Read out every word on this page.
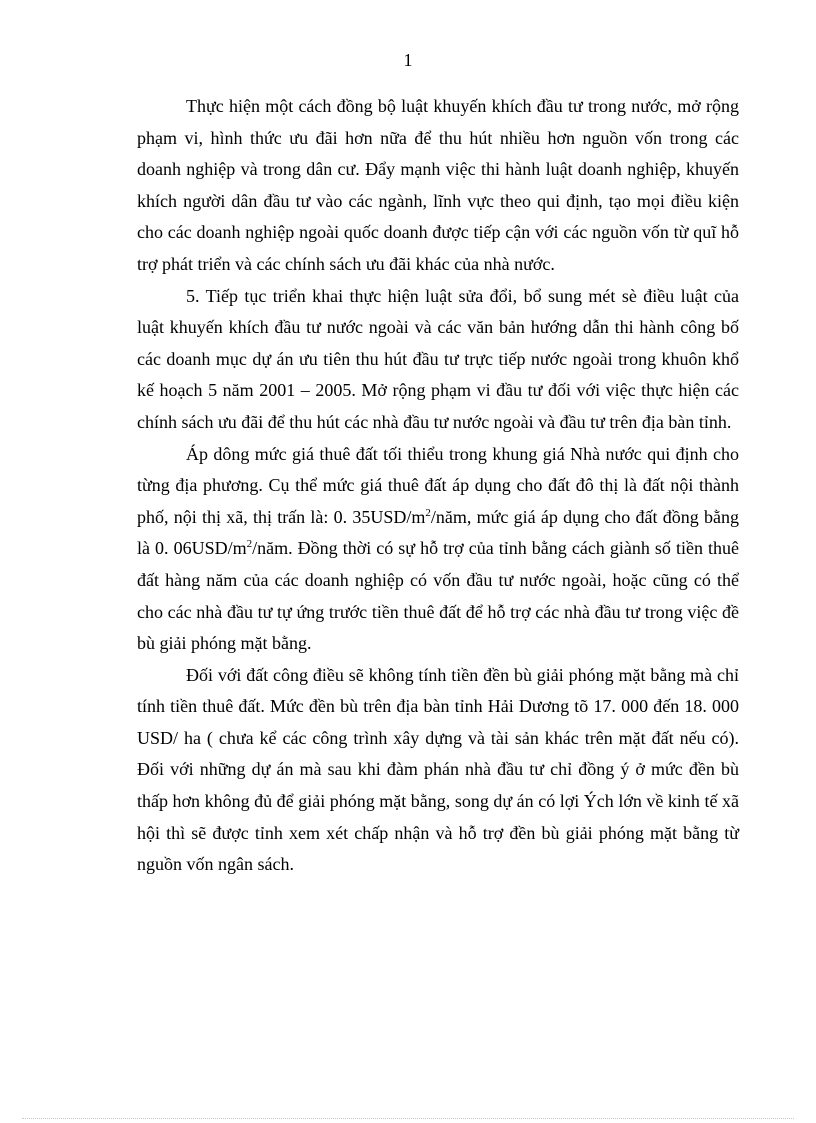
1

Thực hiện một cách đồng bộ luật khuyến khích đầu tư trong nước, mở rộng phạm vi, hình thức ưu đãi hơn nữa để thu hút nhiều hơn nguồn vốn trong các doanh nghiệp và trong dân cư. Đẩy mạnh việc thi hành luật doanh nghiệp, khuyến khích người dân đầu tư vào các ngành, lĩnh vực theo qui định, tạo mọi điều kiện cho các doanh nghiệp ngoài quốc doanh được tiếp cận với các nguồn vốn từ quĩ hỗ trợ phát triển và các chính sách ưu đãi khác của nhà nước.

5. Tiếp tục triển khai thực hiện luật sửa đổi, bổ sung mét sè điều luật của luật khuyến khích đầu tư nước ngoài và các văn bản hướng dẫn thi hành công bố các doanh mục dự án ưu tiên thu hút đầu tư trực tiếp nước ngoài trong khuôn khổ kế hoạch 5 năm 2001 – 2005. Mở rộng phạm vi đầu tư đối với việc thực hiện các chính sách ưu đãi để thu hút các nhà đầu tư nước ngoài và đầu tư trên địa bàn tỉnh.

Áp dông mức giá thuê đất tối thiểu trong khung giá Nhà nước qui định cho từng địa phương. Cụ thể mức giá thuê đất áp dụng cho đất đô thị là đất nội thành phố, nội thị xã, thị trấn là: 0. $35USD/m^2$/năm, mức giá áp dụng cho đất đồng bằng là 0. $06USD/m^2$/năm. Đồng thời có sự hỗ trợ của tỉnh bằng cách giành số tiền thuê đất hàng năm của các doanh nghiệp có vốn đầu tư nước ngoài, hoặc cũng có thể cho các nhà đầu tư tự ứng trước tiền thuê đất để hỗ trợ các nhà đầu tư trong việc đề bù giải phóng mặt bằng.

Đối với đất công điều sẽ không tính tiền đền bù giải phóng mặt bằng mà chỉ tính tiền thuê đất. Mức đền bù trên địa bàn tỉnh Hải Dương tõ 17. 000 đến 18. 000 USD/ ha ( chưa kể các công trình xây dựng và tài sản khác trên mặt đất nếu có). Đối với những dự án mà sau khi đàm phán nhà đầu tư chỉ đồng ý ở mức đền bù thấp hơn không đủ để giải phóng mặt bằng, song dự án có lợi Ých lớn về kinh tế xã hội thì sẽ được tỉnh xem xét chấp nhận và hỗ trợ đền bù giải phóng mặt bằng từ nguồn vốn ngân sách.
